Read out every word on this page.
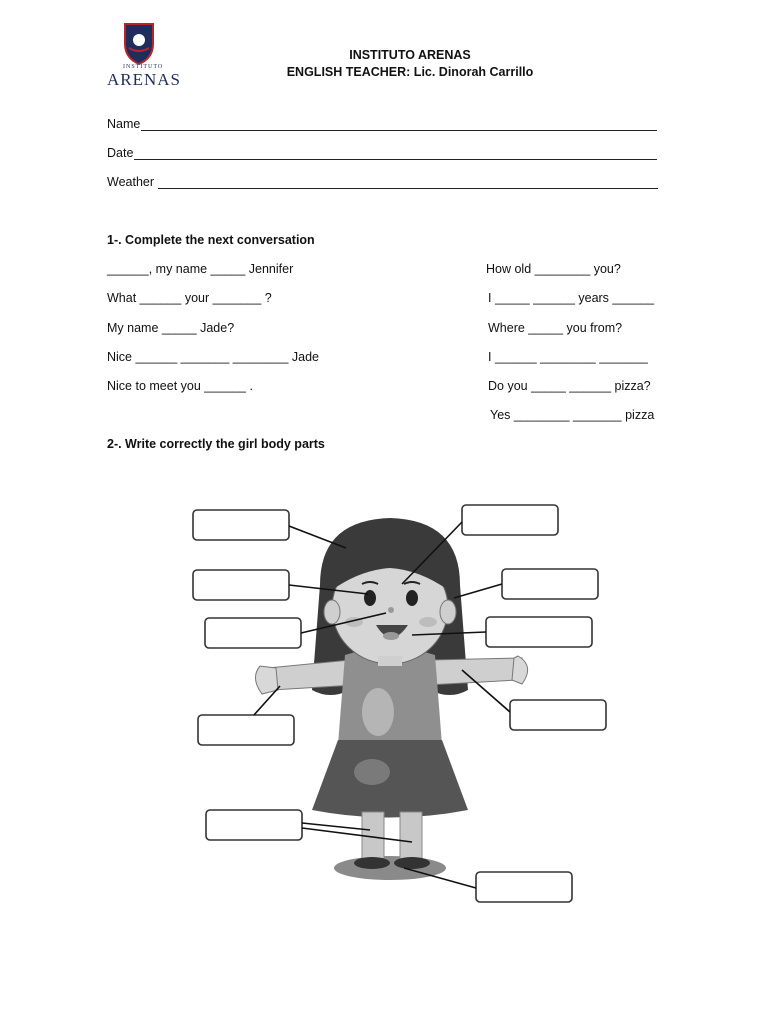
INSTITUTO
ARENAS
INSTITUTO ARENAS
ENGLISH TEACHER: Lic. Dinorah Carrillo
Name
Date
Weather
1-. Complete the next conversation
______, my name _____ Jennifer
What ______ your _______ ?
My name _____ Jade?
Nice ______ _______ ________ Jade
Nice to meet you ______ .
How old ________ you?
I _____ ______ years ______
Where _____ you from?
I ______ ________ _______
Do you _____ ______ pizza?
Yes ________ _______ pizza
2-. Write correctly the girl body parts
